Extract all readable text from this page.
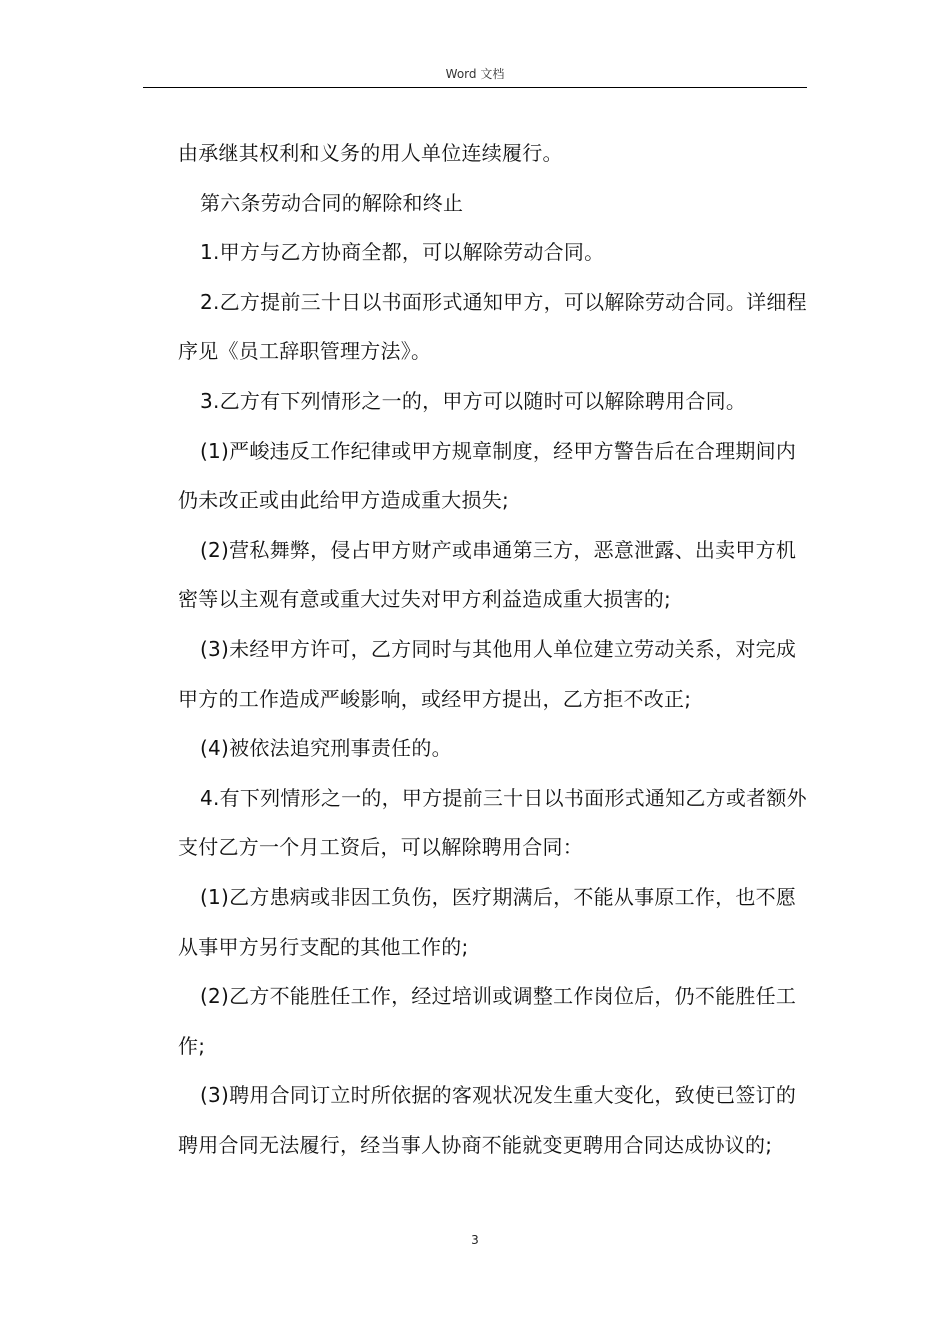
Word 文档

由承继其权利和义务的用人单位连续履行。

第六条劳动合同的解除和终止

1.甲方与乙方协商全都，可以解除劳动合同。

2.乙方提前三十日以书面形式通知甲方，可以解除劳动合同。详细程序见《员工辞职管理方法》。

3.乙方有下列情形之一的，甲方可以随时可以解除聘用合同。

(1)严峻违反工作纪律或甲方规章制度，经甲方警告后在合理期间内仍未改正或由此给甲方造成重大损失;

(2)营私舞弊，侵占甲方财产或串通第三方，恶意泄露、出卖甲方机密等以主观有意或重大过失对甲方利益造成重大损害的;

(3)未经甲方许可，乙方同时与其他用人单位建立劳动关系，对完成甲方的工作造成严峻影响，或经甲方提出，乙方拒不改正;

(4)被依法追究刑事责任的。

4.有下列情形之一的，甲方提前三十日以书面形式通知乙方或者额外支付乙方一个月工资后，可以解除聘用合同：

(1)乙方患病或非因工负伤，医疗期满后，不能从事原工作，也不愿从事甲方另行支配的其他工作的;

(2)乙方不能胜任工作，经过培训或调整工作岗位后，仍不能胜任工作;

(3)聘用合同订立时所依据的客观状况发生重大变化，致使已签订的聘用合同无法履行，经当事人协商不能就变更聘用合同达成协议的;

3
